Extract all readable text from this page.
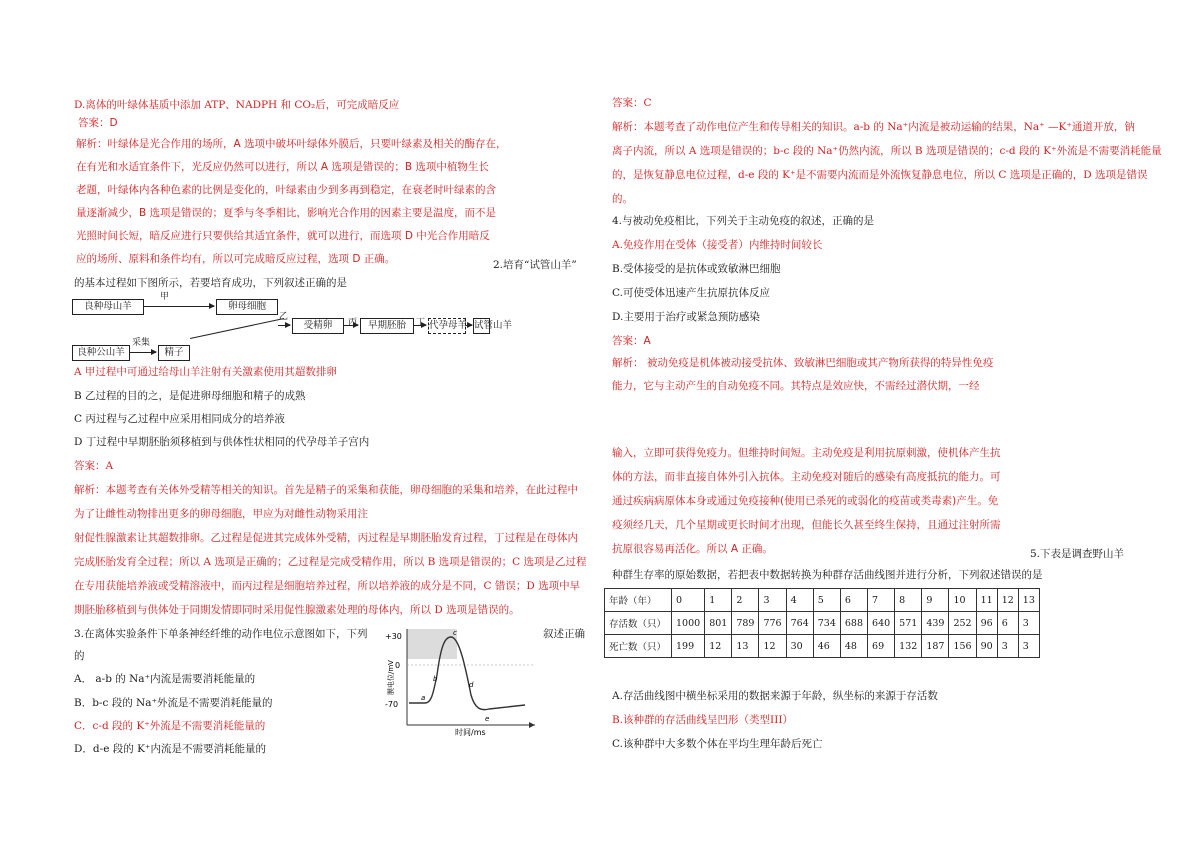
D.离体的叶绿体基质中添加 ATP、NADPH 和 CO₂后，可完成暗反应
答案：D
解析：叶绿体是光合作用的场所，A 选项中破坏叶绿体外膜后，只要叶绿素及相关的酶存在，
在有光和水适宜条件下，光反应仍然可以进行，所以 A 选项是错误的；B 选项中植物生长
老题，叶绿体内各种色素的比例是变化的，叶绿素由少到多再到稳定，在衰老时叶绿素的含
量逐渐减少，B 选项是错误的；夏季与冬季相比，影响光合作用的因素主要是温度，而不是
光照时间长短，暗反应进行只要供给其适宜条件，就可以进行，而选项 D 中光合作用暗反
应的场所、原料和条件均有，所以可完成暗反应过程，选项 D 正确。	2.培育“试管山羊”
的基本过程如下图所示，若要培育成功，下列叙述正确的是
良种母山羊
甲
卵母细胞
乙
受精卵	丙	早期胚胎	丁 代孕母羊 试管山羊
良种公山羊
采集
精子
A 甲过程中可通过给母山羊注射有关激素使用其超数排卵
B 乙过程的目的之，是促进卵母细胞和精子的成熟
C 丙过程与乙过程中应采用相同成分的培养液
D 丁过程中早期胚胎须移植到与供体性状相同的代孕母羊子宫内
答案：A
解析：本题考查有关体外受精等相关的知识。首先是精子的采集和获能，卵母细胞的采集和培养，在此过程中
为了让雌性动物排出更多的卵母细胞，甲应为对雌性动物采用注
射促性腺激素让其超数排卵。乙过程是促进其完成体外受精，丙过程是早期胚胎发育过程，丁过程是在母体内
完成胚胎发育全过程；所以 A 选项是正确的；乙过程是完成受精作用，所以 B 选项是错误的；C 选项是乙过程
在专用获能培养液或受精溶液中，而丙过程是细胞培养过程，所以培养液的成分是不同，C 错误；D 选项中早
期胚胎移植到与供体处于同期发情即同时采用促性腺激素处理的母体内，所以 D 选项是错误的。
3.在离体实验条件下单条神经纤维的动作电位示意图如下，下列	叙述正确
的
A． a-b 的 Na⁺内流是需要消耗能量的
B．b-c 段的 Na⁺外流是不需要消耗能量的
C．c-d 段的 K⁺外流是不需要消耗能量的
D．d-e 段的 K⁺内流是不需要消耗能量的
+30
0
-70
膜电位/mV
时间/ms
a
b
c
d
e
答案：C
解析：本题考查了动作电位产生和传导相关的知识。a-b 的 Na⁺内流是被动运输的结果，Na⁺ —K⁺通道开放，钠
离子内流，所以 A 选项是错误的；b-c 段的 Na⁺仍然内流，所以 B 选项是错误的；c-d 段的 K⁺外流是不需要消耗能量
的，是恢复静息电位过程，d-e 段的 K⁺是不需要内流而是外流恢复静息电位，所以 C 选项是正确的，D 选项是错误
的。
4.与被动免疫相比，下列关于主动免疫的叙述，正确的是
A.免疫作用在受体（接受者）内维持时间较长
B.受体接受的是抗体或致敏淋巴细胞
C.可使受体迅速产生抗原抗体反应
D.主要用于治疗或紧急预防感染
答案：A
解析： 被动免疫是机体被动接受抗体、致敏淋巴细胞或其产物所获得的特异性免疫
能力，它与主动产生的自动免疫不同。其特点是效应快，不需经过潜伏期，一经
输入，立即可获得免疫力。但维持时间短。主动免疫是利用抗原刺激，使机体产生抗
体的方法，而非直接自体外引入抗体。主动免疫对随后的感染有高度抵抗的能力。可
通过疾病病原体本身或通过免疫接种(使用已杀死的或弱化的疫苗或类毒素)产生。免
疫须经几天，几个星期或更长时间才出现，但能长久甚至终生保持，且通过注射所需
抗原很容易再活化。所以 A 正确。	5.下表是调查野山羊
种群生存率的原始数据，若把表中数据转换为种群存活曲线图并进行分析，下列叙述错误的是
年龄（年）	0	1	2	3	4	5	6	7	8	9	10	11	12	13
存活数（只）	1000	801	789	776	764	734	688	640	571	439	252	96	6	3
死亡数（只）	199	12	13	12	30	46	48	69	132	187	156	90	3	3
A.存活曲线图中横坐标采用的数据来源于年龄，纵坐标的来源于存活数
B.该种群的存活曲线呈凹形（类型III）
C.该种群中大多数个体在平均生理年龄后死亡
